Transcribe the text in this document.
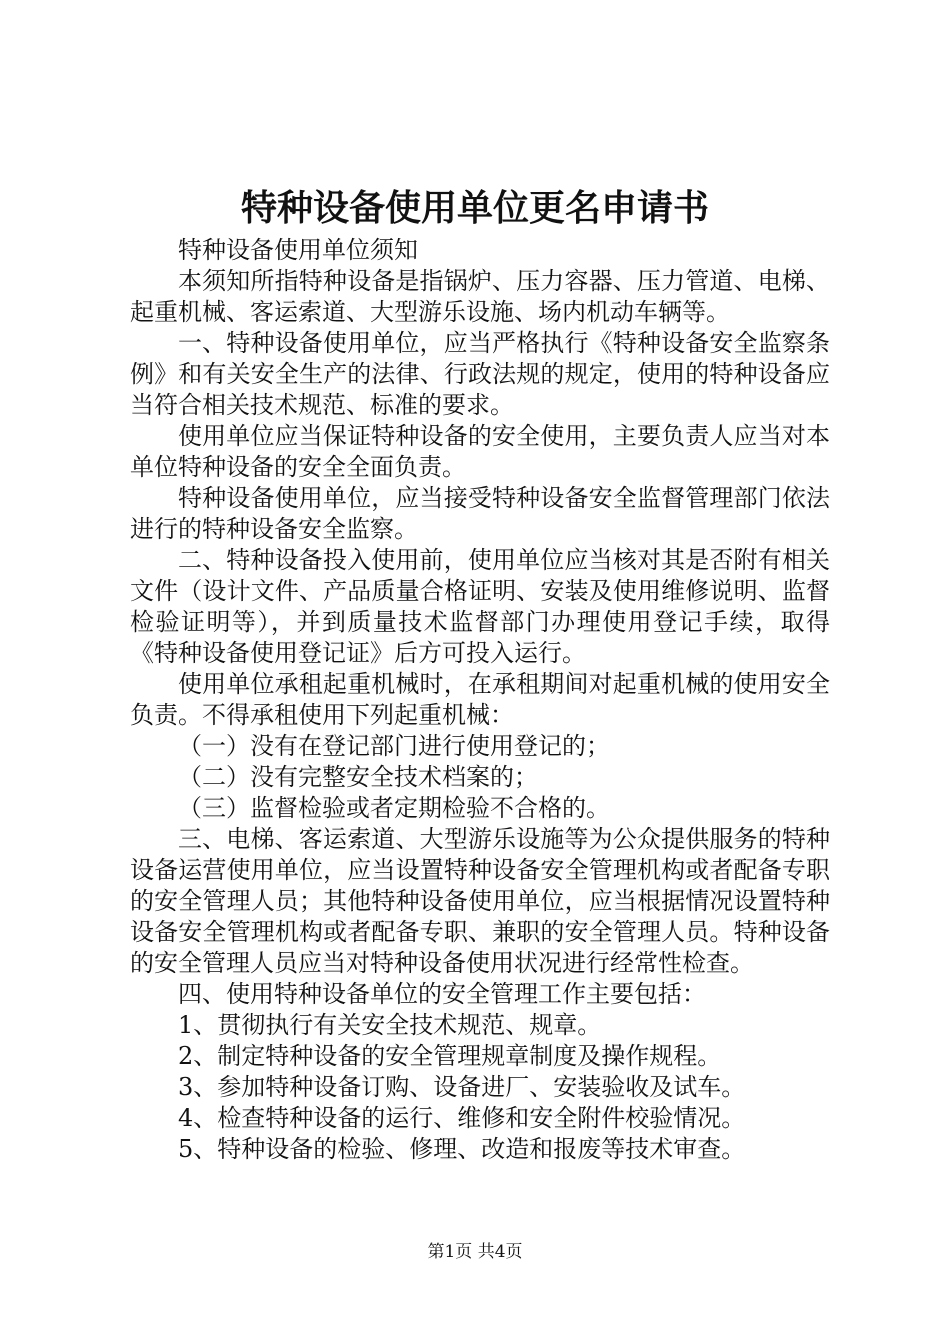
特种设备使用单位更名申请书

特种设备使用单位须知

本须知所指特种设备是指锅炉、压力容器、压力管道、电梯、起重机械、客运索道、大型游乐设施、场内机动车辆等。

一、特种设备使用单位，应当严格执行《特种设备安全监察条例》和有关安全生产的法律、行政法规的规定，使用的特种设备应当符合相关技术规范、标准的要求。

使用单位应当保证特种设备的安全使用，主要负责人应当对本单位特种设备的安全全面负责。

特种设备使用单位，应当接受特种设备安全监督管理部门依法进行的特种设备安全监察。

二、特种设备投入使用前，使用单位应当核对其是否附有相关文件（设计文件、产品质量合格证明、安装及使用维修说明、监督检验证明等），并到质量技术监督部门办理使用登记手续，取得《特种设备使用登记证》后方可投入运行。

使用单位承租起重机械时，在承租期间对起重机械的使用安全负责。不得承租使用下列起重机械：

（一）没有在登记部门进行使用登记的；

（二）没有完整安全技术档案的；

（三）监督检验或者定期检验不合格的。

三、电梯、客运索道、大型游乐设施等为公众提供服务的特种设备运营使用单位，应当设置特种设备安全管理机构或者配备专职的安全管理人员；其他特种设备使用单位，应当根据情况设置特种设备安全管理机构或者配备专职、兼职的安全管理人员。特种设备的安全管理人员应当对特种设备使用状况进行经常性检查。

四、使用特种设备单位的安全管理工作主要包括：

1、贯彻执行有关安全技术规范、规章。

2、制定特种设备的安全管理规章制度及操作规程。

3、参加特种设备订购、设备进厂、安装验收及试车。

4、检查特种设备的运行、维修和安全附件校验情况。

5、特种设备的检验、修理、改造和报废等技术审查。

第1页 共4页
